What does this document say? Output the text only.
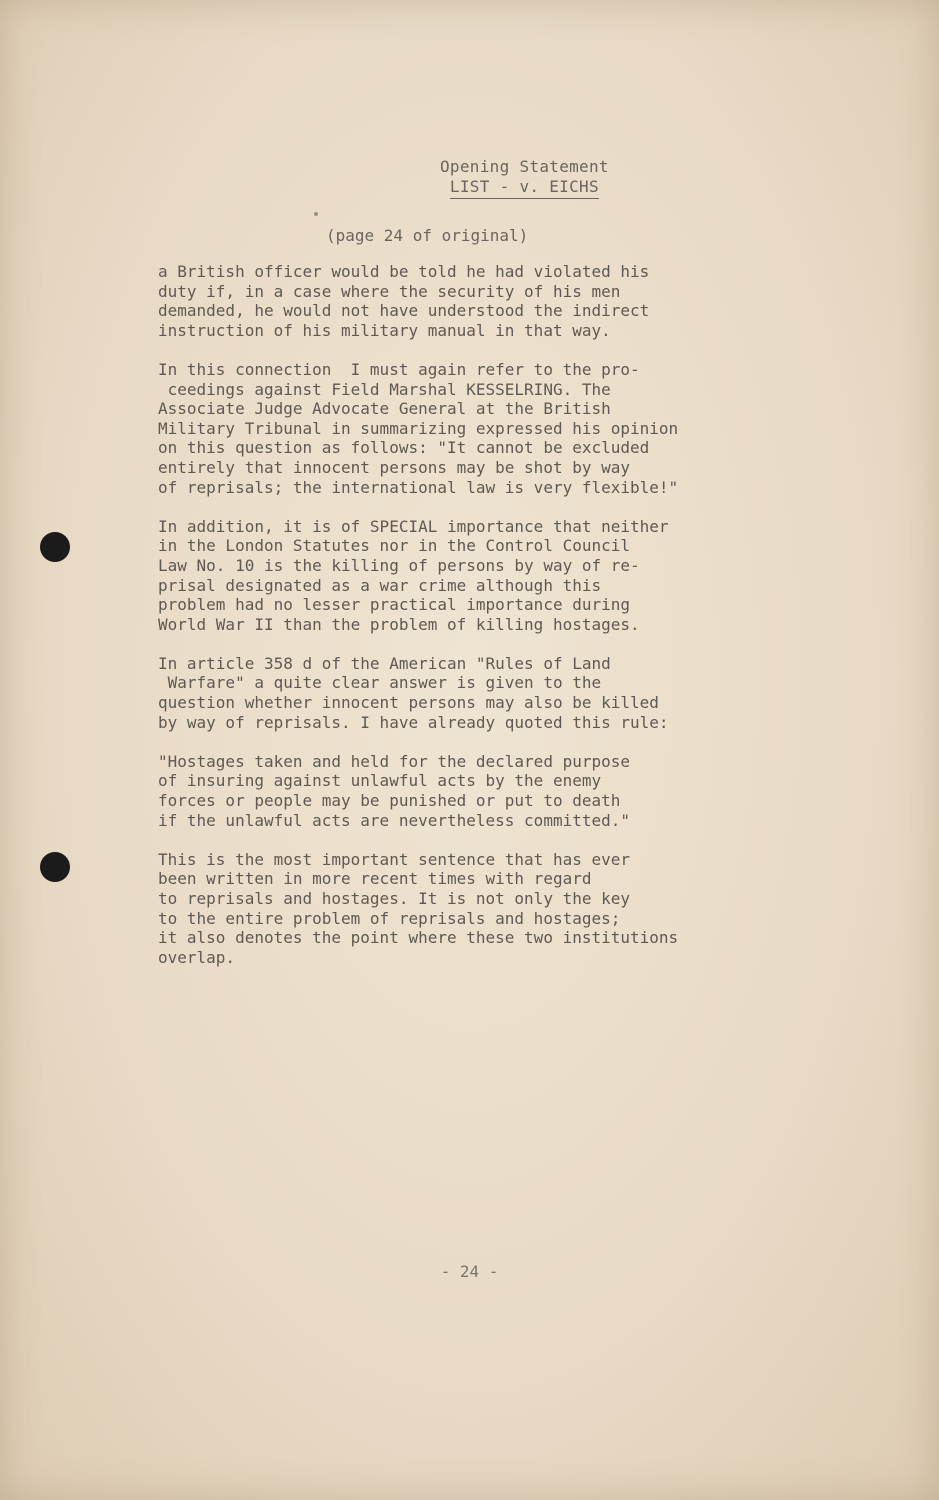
Opening Statement
LIST - v. EICHS
(page 24 of original)

a British officer would be told he had violated his
duty if, in a case where the security of his men
demanded, he would not have understood the indirect
instruction of his military manual in that way.

In this connection  I must again refer to the pro-
ceedings against Field Marshal KESSELRING. The
Associate Judge Advocate General at the British
Military Tribunal in summarizing expressed his opinion
on this question as follows: "It cannot be excluded
entirely that innocent persons may be shot by way
of reprisals; the international law is very flexible!"

In addition, it is of SPECIAL importance that neither
in the London Statutes nor in the Control Council
Law No. 10 is the killing of persons by way of re-
prisal designated as a war crime although this
problem had no lesser practical importance during
World War II than the problem of killing hostages.

In article 358 d of the American "Rules of Land
Warfare" a quite clear answer is given to the
question whether innocent persons may also be killed
by way of reprisals. I have already quoted this rule:

"Hostages taken and held for the declared purpose
of insuring against unlawful acts by the enemy
forces or people may be punished or put to death
if the unlawful acts are nevertheless committed."

This is the most important sentence that has ever
been written in more recent times with regard
to reprisals and hostages. It is not only the key
to the entire problem of reprisals and hostages;
it also denotes the point where these two institutions
overlap.

- 24 -
